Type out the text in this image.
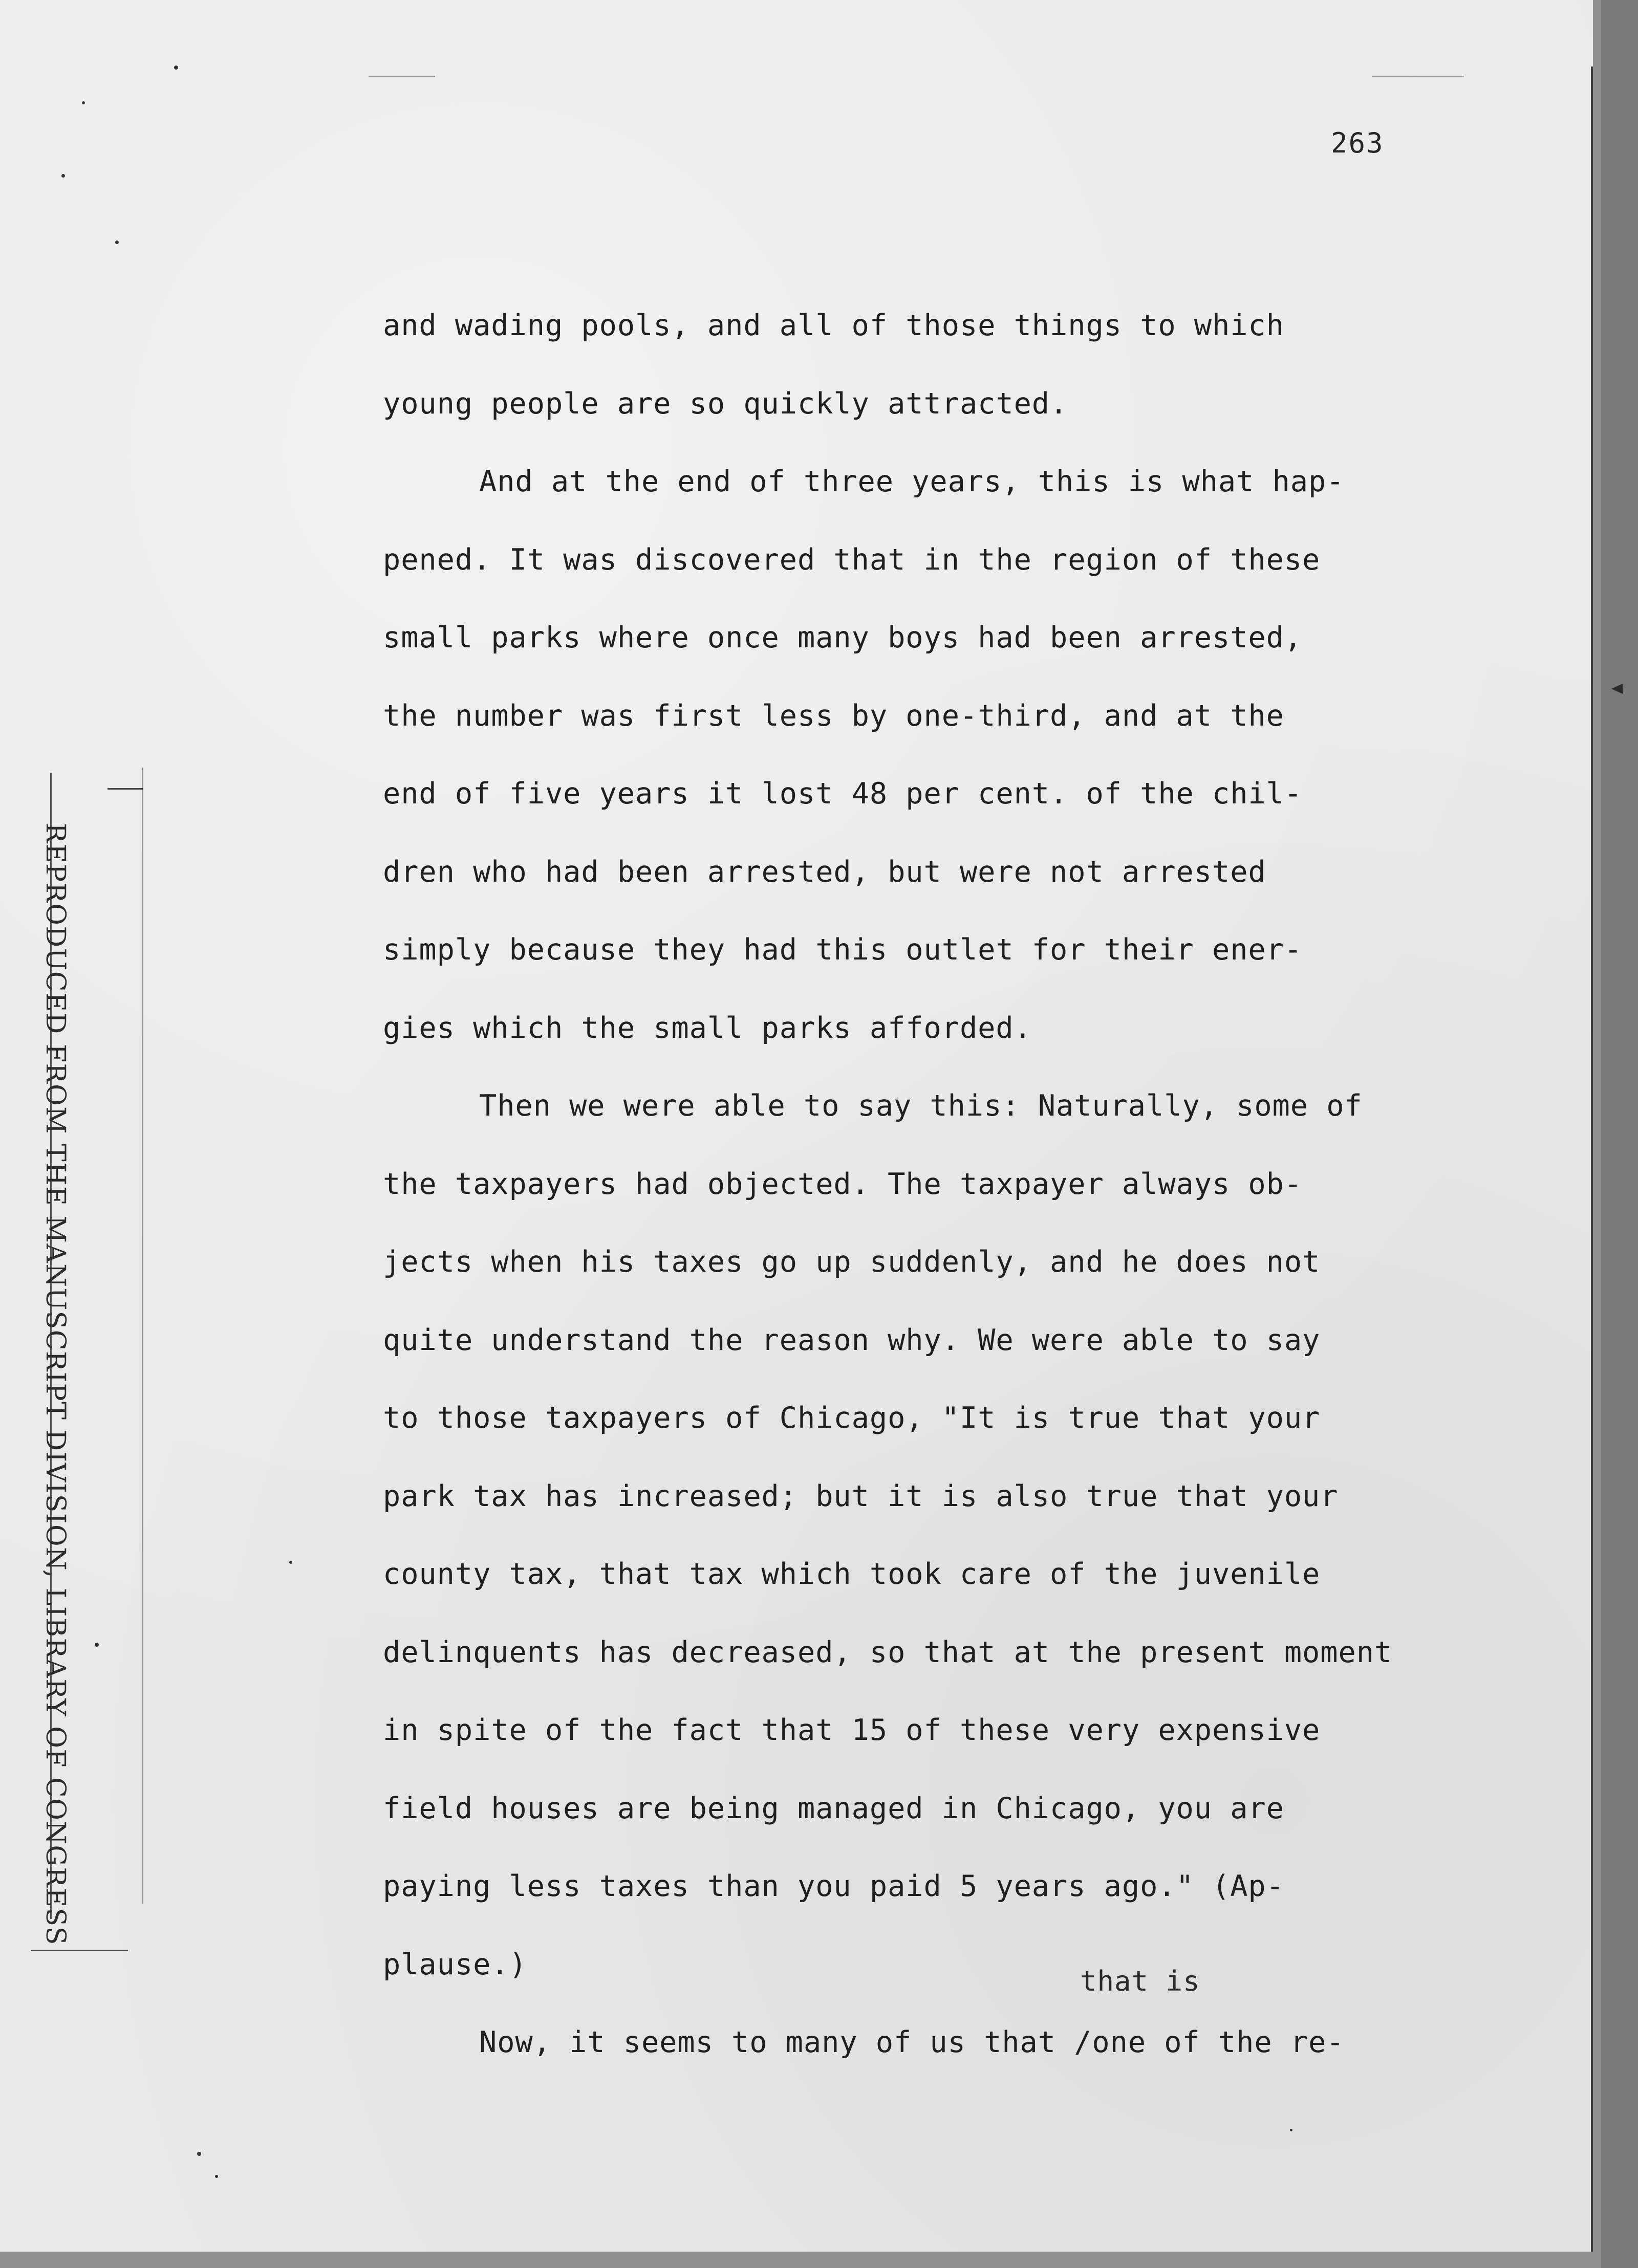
263
and wading pools, and all of those things to which
young people are so quickly attracted.
And at the end of three years, this is what hap-
pened. It was discovered that in the region of these
small parks where once many boys had been arrested,
the number was first less by one-third, and at the
end of five years it lost 48 per cent. of the chil-
dren who had been arrested, but were not arrested
simply because they had this outlet for their ener-
gies which the small parks afforded.
Then we were able to say this: Naturally, some of
the taxpayers had objected. The taxpayer always ob-
jects when his taxes go up suddenly, and he does not
quite understand the reason why. We were able to say
to those taxpayers of Chicago, "It is true that your
park tax has increased; but it is also true that your
county tax, that tax which took care of the juvenile
delinquents has decreased, so that at the present moment
in spite of the fact that 15 of these very expensive
field houses are being managed in Chicago, you are
paying less taxes than you paid 5 years ago." (Ap-
plause.)
Now, it seems to many of us that /one of the re-
that is
REPRODUCED FROM THE MANUSCRIPT DIVISION, LIBRARY OF CONGRESS
